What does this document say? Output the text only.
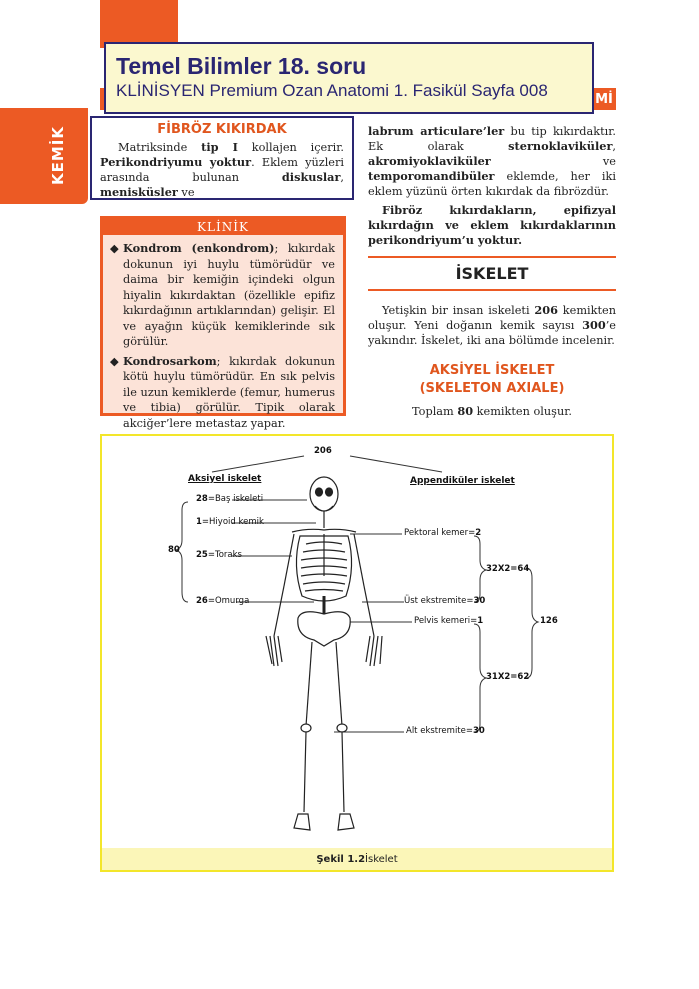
KEMİK
Mİ
Temel Bilimler 18. soru
KLİNİSYEN Premium Ozan Anatomi 1. Fasikül Sayfa 008
FİBRÖZ KIKIRDAK
Matriksinde tip I kollajen içerir. Perikondriyumu yoktur. Eklem yüzleri arasında bulunan diskuslar, menisküsler ve
KLİNİK
◆ Kondrom (enkondrom); kıkırdak dokunun iyi huylu tümörüdür ve daima bir kemiğin içindeki olgun hiyalin kıkırdaktan (özellikle epifiz kıkırdağının artıklarından) gelişir. El ve ayağın küçük kemiklerinde sık görülür.
◆ Kondrosarkom; kıkırdak dokunun kötü huylu tümörüdür. En sık pelvis ile uzun kemiklerde (femur, humerus ve tibia) görülür. Tipik olarak akciğer’lere metastaz yapar.
labrum articulare’ler bu tip kıkırdaktır. Ek olarak sternoklaviküler, akromiyoklaviküler ve temporomandibüler eklemde, her iki eklem yüzünü örten kıkırdak da fibrözdür.
Fibröz kıkırdakların, epifizyal kıkırdağın ve eklem kıkırdaklarının perikondriyum’u yoktur.
İSKELET
Yetişkin bir insan iskeleti 206 kemikten oluşur. Yeni doğanın kemik sayısı 300’e yakındır. İskelet, iki ana bölümde incelenir.
AKSİYEL İSKELET
(SKELETON AXIALE)
Toplam 80 kemikten oluşur.
206
Aksiyel iskelet	Appendiküler iskelet
80
28=Baş iskeleti
1=Hiyoid kemik
25=Toraks
26=Omurga
Pektoral kemer=2
Üst ekstremite=30
Pelvis kemeri=1
Alt ekstremite=30
32X2=64
31X2=62
126
Şekil 1.2 İskelet
